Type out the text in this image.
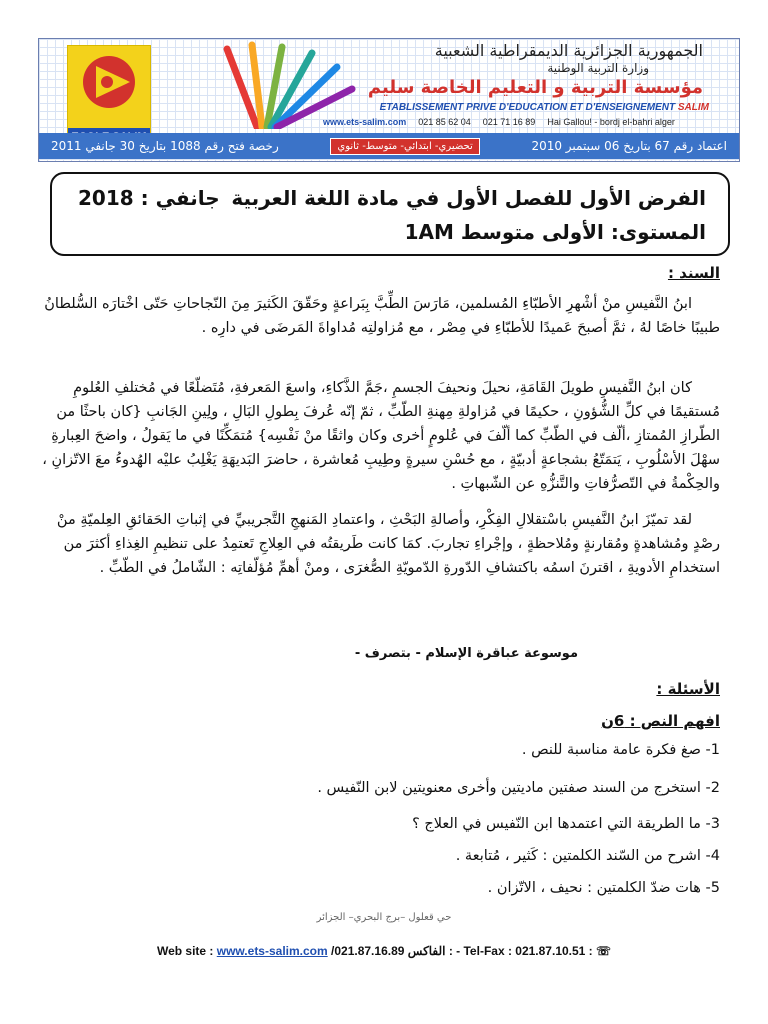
الجمهورية الجزائرية الديمقراطية الشعبية
وزارة التربية الوطنية
مؤسسة التربية و التعليم الخاصة سليم
ETABLISSEMENT PRIVE D'EDUCATION ET D'ENSEIGNEMENT SALIM
www.ets-salim.com 021 85 62 04 021 71 16 89 Hai Gallou! - bordj el-bahri alger
رخصة فتح رقم 1088 بتاريخ 30 جانفي 2011	تحضيري- ابتدائي- متوسط- ثانوي	اعتماد رقم 67 بتاريخ 06 سبتمبر 2010
الفرض الأول للفصل الأول في مادة اللغة العربية
جانفي : 2018
المستوى: الأولى متوسط 1AM
السند :
ابنُ النَّفيسِ منْ أشْهرِ الأطبّاءِ المُسلمين، مَارَسَ الطِّبَّ بِبَراعةٍ وحَقّقَ الكَثيرَ مِنَ النّجاحاتِ حَتّى اخْتارَه السُّلطانُ طبيبًا خاصًا لهُ ، ثمَّ أصبحَ عَميدًا للأطبّاءِ في مِصْر ، مع مُزاولتِه مُداواةَ المَرضَى في دارِه .
كان ابنُ النَّفيسِ طويلَ القَامَةِ، نحيلَ ونحيفَ الجسمِ ،جَمَّ الذَّكاءِ، واسعَ المَعرفةِ، مُتَضلّعًا في مُختلفِ العُلومِ مُستقيمًا في كلِّ الشُّؤونِ ، حكيمًا في مُزاولةِ مِهنةِ الطّبِّ ، ثمّ إنّه عُرفَ بِطولِ البَالِ ، ولِينِ الجَانبِ {كان باحثًا من الطّرازِ المُمتازِ ،ألّف في الطّبِّ كما ألّفَ في عُلومٍ أخرى وكان واثقًا منْ نَفْسِه} مُتمَكِّنًا في ما يَقولُ ، واضحَ العِبارةِ سهْلَ الأسْلُوبِ ، يَتمَتّعُ بشجاعةٍ أدبيّةٍ ، مع حُسْنِ سيرةٍ وطِيبِ مُعاشرة ، حاضرَ البَديهَةِ يَغْلِبُ عليْه الهُدوءُ معَ الاتّزانِ ، والحِكْمةُ في التّصرُّفاتِ والتَّنزُّهِ عن الشّبهاتِ .
لقد تميّزَ ابنُ النَّفيسِ باسْتقلالِ الفِكْرِ، وأصالةِ البَحْثِ ، واعتمادِ المَنهجِ التَّجريبيِّ في إثباتِ الحَقائقِ العِلميّةِ منْ رصْدٍ ومُشاهدةٍ ومُقارنةٍ ومُلاحظةٍ ، وإجْراءِ تجاربَ. كمَا كانت طَريقتُه في العِلاجِ تَعتمِدُ على تنظيمِ الغِذاءِ أكثرَ من استخدامِ الأدويةِ ، اقترنَ اسمُه باكتشافِ الدّورةِ الدّمويّةِ الصُّغرَى ، ومنْ أهمِّ مُؤلّفاتِه : الشّاملُ في الطّبِّ .
موسوعة عباقرة الإسلام - بتصرف -
الأسئلة :
افهم النص : 6ن
1- صغ فكرة عامة مناسبة للنص .
2- استخرج من السند صفتين ماديتين وأخرى معنويتين لابن النّفيس .
3- ما الطريقة التي اعتمدها ابن النّفيس في العلاج ؟
4- اشرح من السّند الكلمتين : كَثير ، مُتابعة .
5- هات ضدّ الكلمتين : نحيف ، الاتّزان .
حي قعلول –برج البحري– الجزائر
Web site : www.ets-salim.com /021.87.16.89 الفاكس : - Tel-Fax : 021.87.10.51 : ☏
